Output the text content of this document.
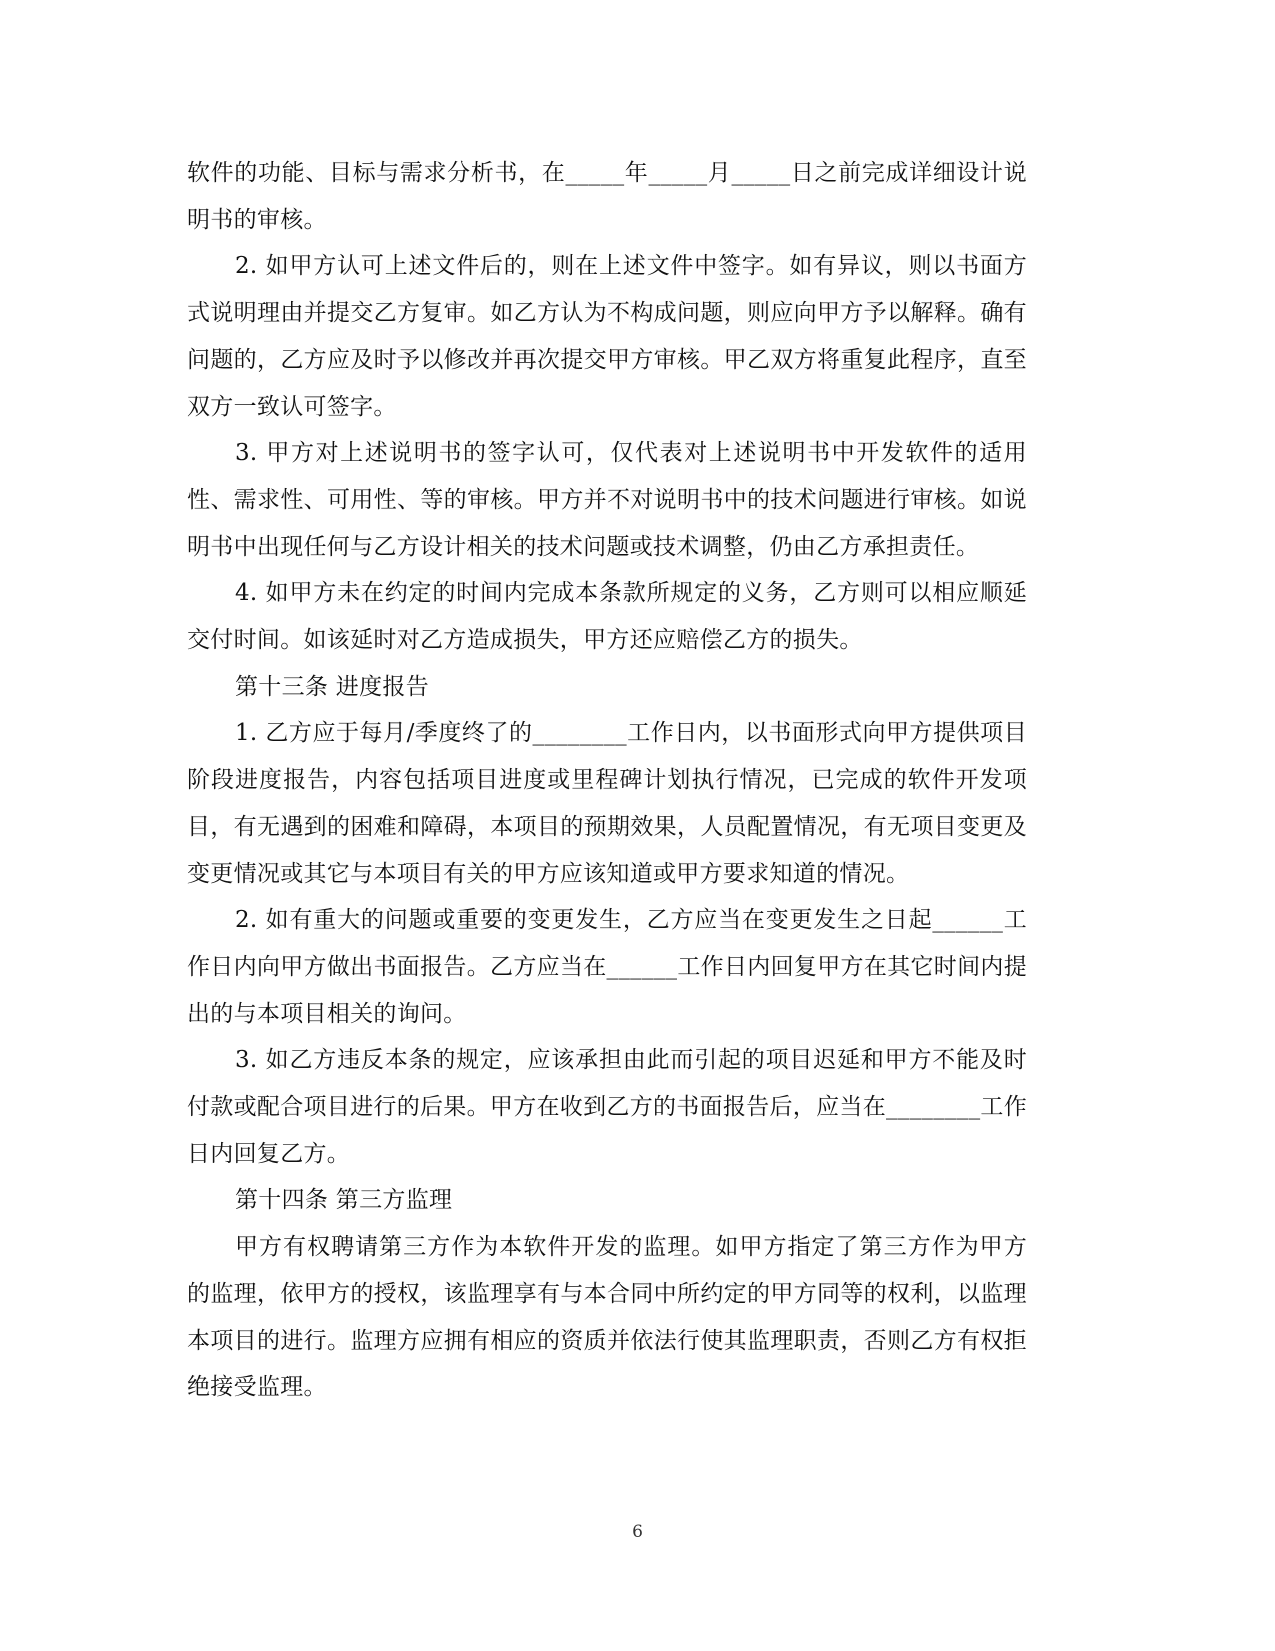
软件的功能、目标与需求分析书，在_____年_____月_____日之前完成详细设计说明书的审核。

2. 如甲方认可上述文件后的，则在上述文件中签字。如有异议，则以书面方式说明理由并提交乙方复审。如乙方认为不构成问题，则应向甲方予以解释。确有问题的，乙方应及时予以修改并再次提交甲方审核。甲乙双方将重复此程序，直至双方一致认可签字。

3. 甲方对上述说明书的签字认可，仅代表对上述说明书中开发软件的适用性、需求性、可用性、等的审核。甲方并不对说明书中的技术问题进行审核。如说明书中出现任何与乙方设计相关的技术问题或技术调整，仍由乙方承担责任。

4. 如甲方未在约定的时间内完成本条款所规定的义务，乙方则可以相应顺延交付时间。如该延时对乙方造成损失，甲方还应赔偿乙方的损失。

第十三条 进度报告

1. 乙方应于每月/季度终了的________工作日内，以书面形式向甲方提供项目阶段进度报告，内容包括项目进度或里程碑计划执行情况，已完成的软件开发项目，有无遇到的困难和障碍，本项目的预期效果，人员配置情况，有无项目变更及变更情况或其它与本项目有关的甲方应该知道或甲方要求知道的情况。

2. 如有重大的问题或重要的变更发生，乙方应当在变更发生之日起______工作日内向甲方做出书面报告。乙方应当在______工作日内回复甲方在其它时间内提出的与本项目相关的询问。

3. 如乙方违反本条的规定，应该承担由此而引起的项目迟延和甲方不能及时付款或配合项目进行的后果。甲方在收到乙方的书面报告后，应当在________工作日内回复乙方。

第十四条 第三方监理

甲方有权聘请第三方作为本软件开发的监理。如甲方指定了第三方作为甲方的监理，依甲方的授权，该监理享有与本合同中所约定的甲方同等的权利，以监理本项目的进行。监理方应拥有相应的资质并依法行使其监理职责，否则乙方有权拒绝接受监理。

6
